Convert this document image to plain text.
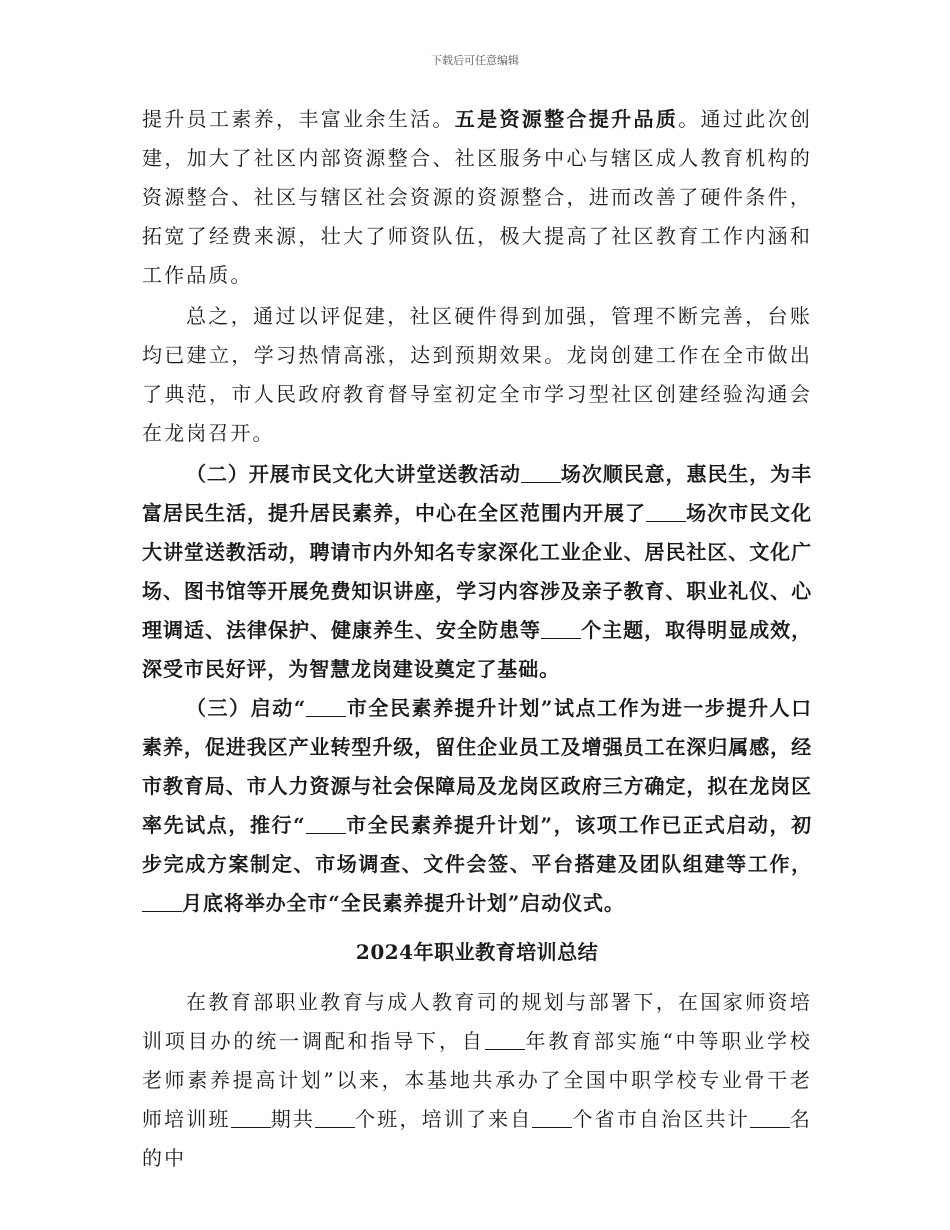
下载后可任意编辑

提升员工素养，丰富业余生活。五是资源整合提升品质。通过此次创建，加大了社区内部资源整合、社区服务中心与辖区成人教育机构的资源整合、社区与辖区社会资源的资源整合，进而改善了硬件条件，拓宽了经费来源，壮大了师资队伍，极大提高了社区教育工作内涵和工作品质。

总之，通过以评促建，社区硬件得到加强，管理不断完善，台账均已建立，学习热情高涨，达到预期效果。龙岗创建工作在全市做出了典范，市人民政府教育督导室初定全市学习型社区创建经验沟通会在龙岗召开。

（二）开展市民文化大讲堂送教活动 场次顺民意，惠民生，为丰富居民生活，提升居民素养，中心在全区范围内开展了 场次市民文化大讲堂送教活动，聘请市内外知名专家深化工业企业、居民社区、文化广场、图书馆等开展免费知识讲座，学习内容涉及亲子教育、职业礼仪、心理调适、法律保护、健康养生、安全防患等 个主题，取得明显成效，深受市民好评，为智慧龙岗建设奠定了基础。

（三）启动“ 市全民素养提升计划”试点工作为进一步提升人口素养，促进我区产业转型升级，留住企业员工及增强员工在深归属感，经市教育局、市人力资源与社会保障局及龙岗区政府三方确定，拟在龙岗区率先试点，推行“ 市全民素养提升计划”，该项工作已正式启动，初步完成方案制定、市场调查、文件会签、平台搭建及团队组建等工作，月底将举办全市“全民素养提升计划”启动仪式。

2024年职业教育培训总结

在教育部职业教育与成人教育司的规划与部署下，在国家师资培训项目办的统一调配和指导下，自 年教育部实施“中等职业学校老师素养提高计划”以来，本基地共承办了全国中职学校专业骨干老师培训班 期共 个班，培训了来自 个省市自治区共计 名的中
